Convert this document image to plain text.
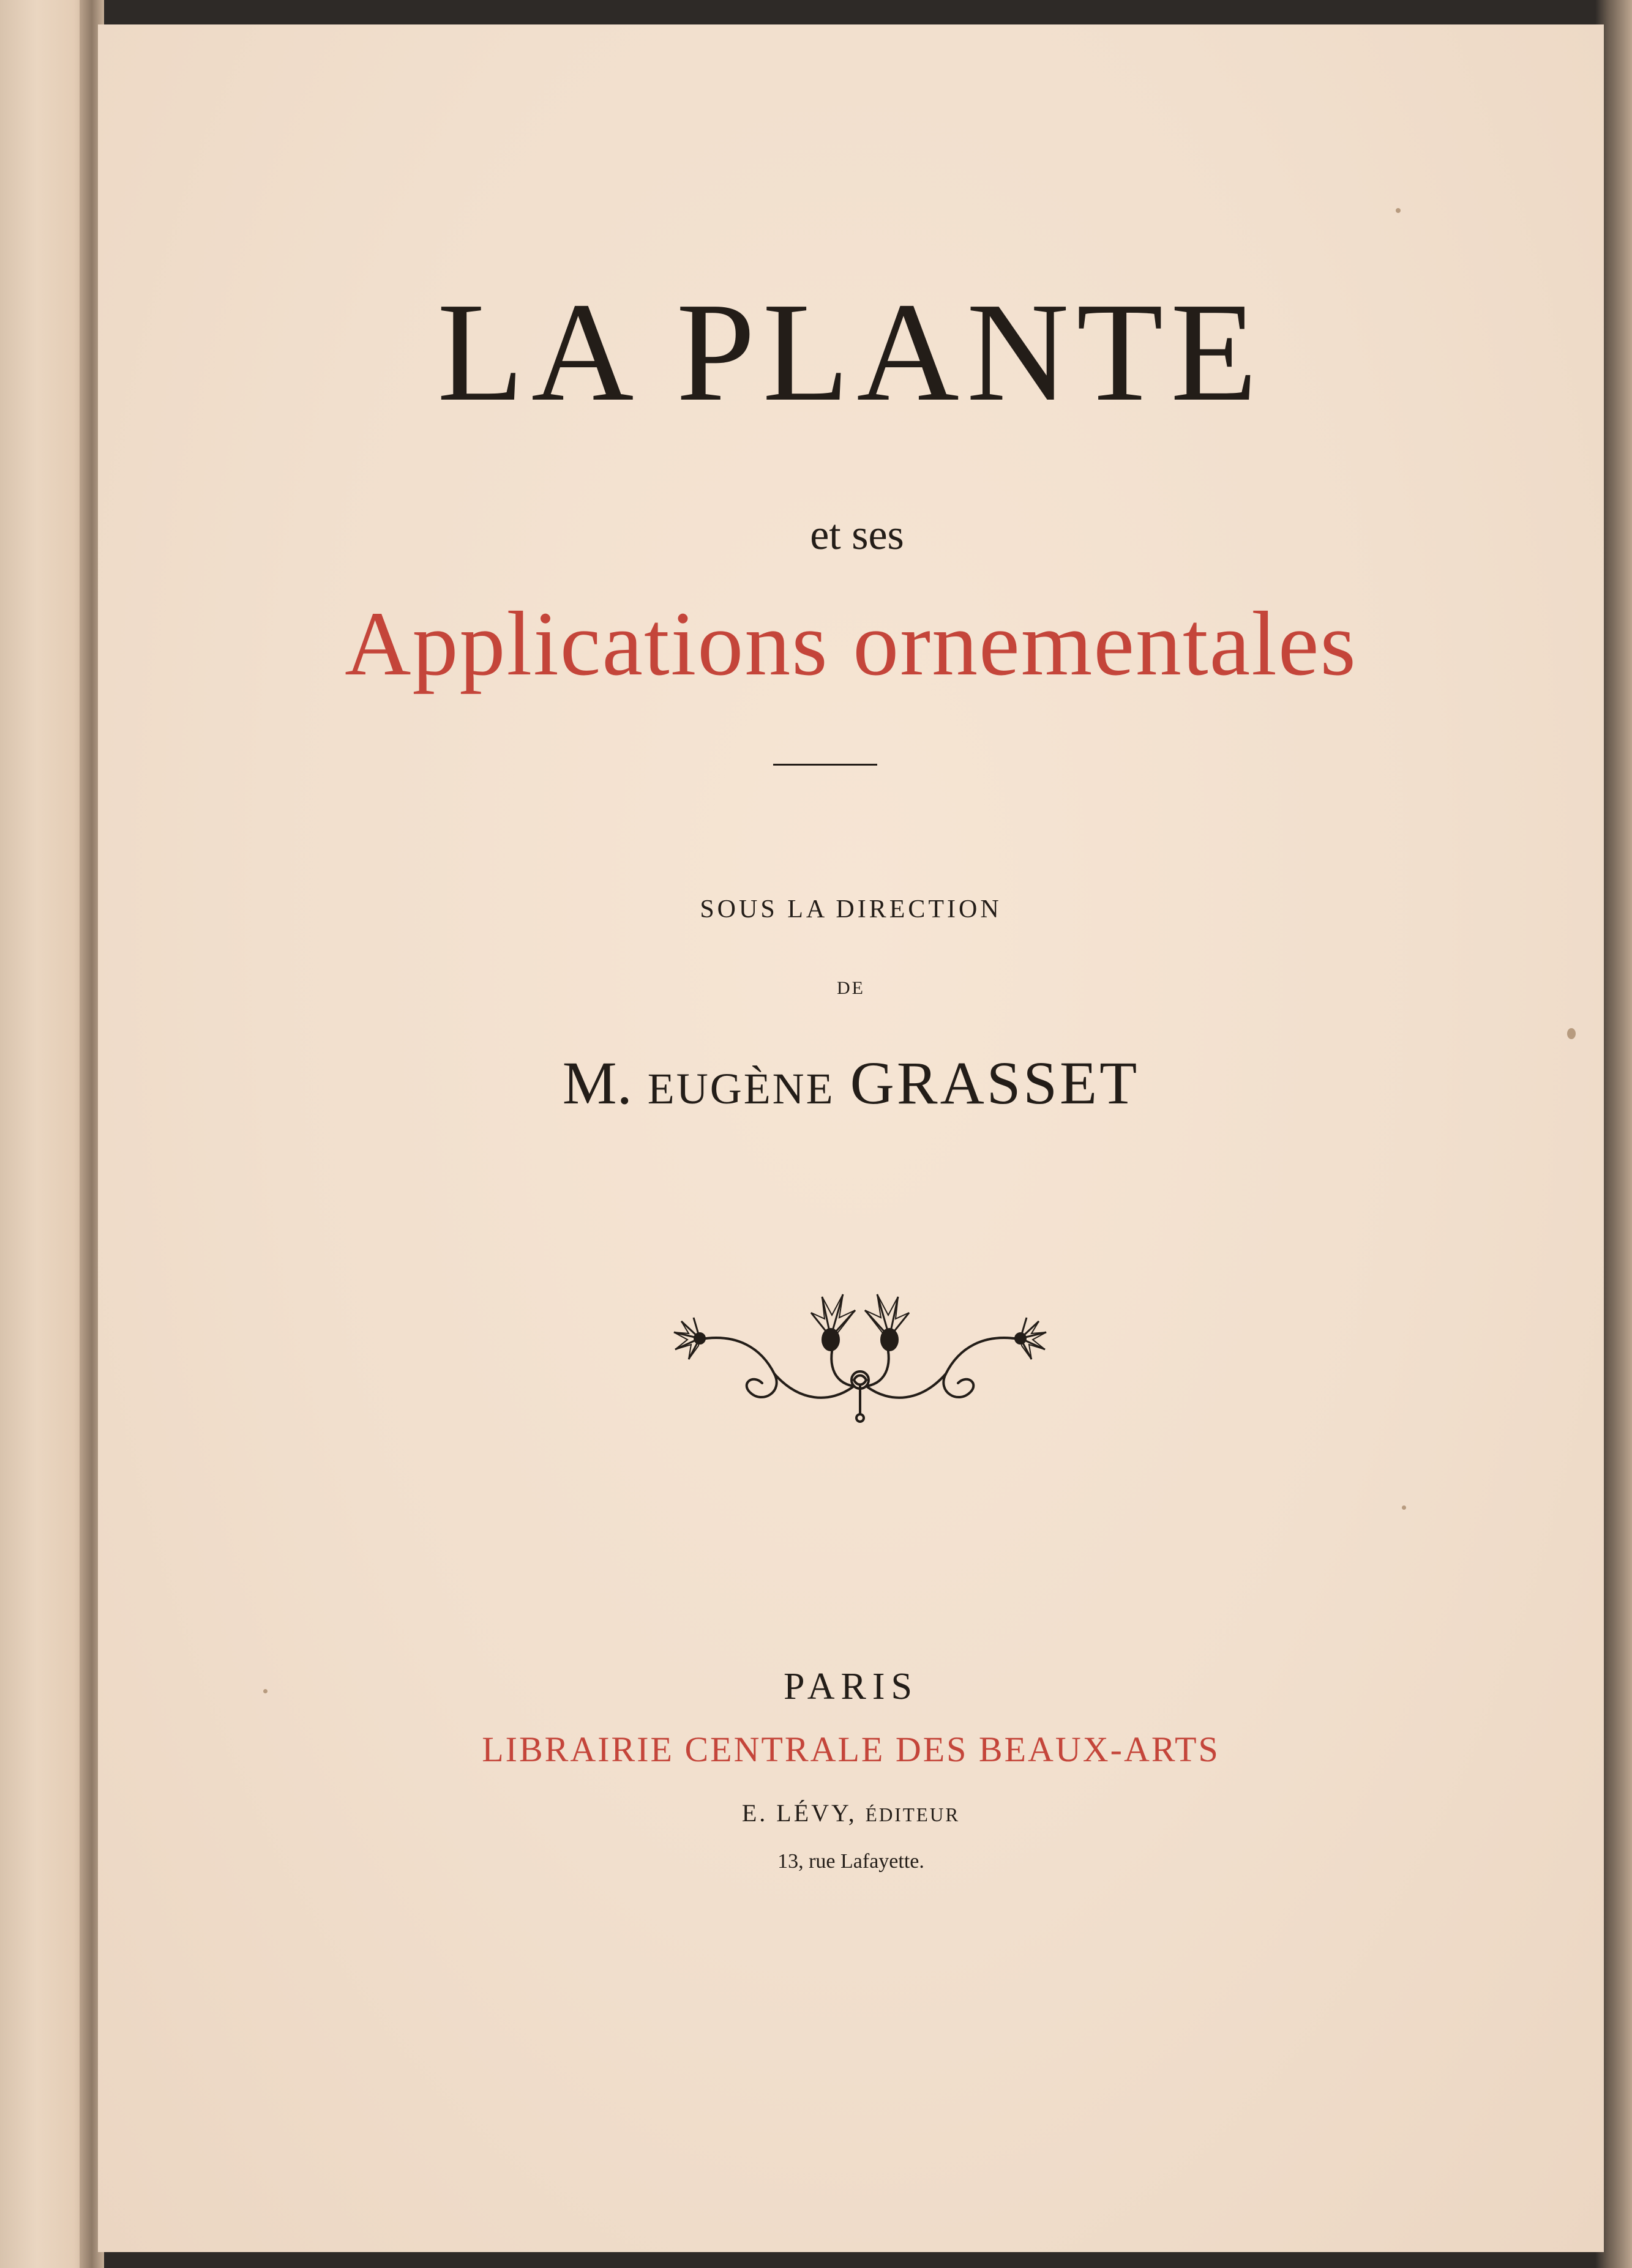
LA PLANTE
et ses
Applications ornementales
SOUS LA DIRECTION
DE
M. EUGÈNE GRASSET
PARIS
LIBRAIRIE CENTRALE DES BEAUX-ARTS
E. LÉVY, ÉDITEUR
13, rue Lafayette.
